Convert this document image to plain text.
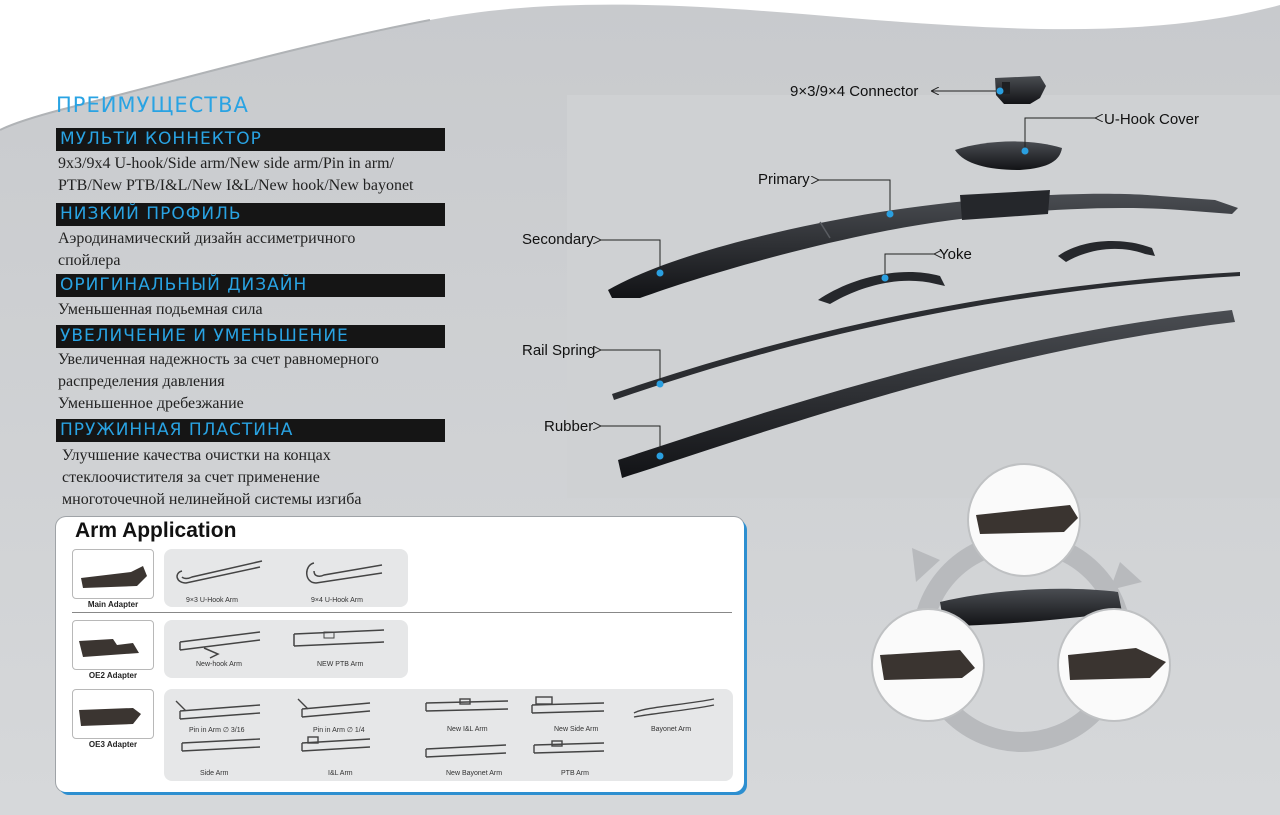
ПРЕИМУЩЕСТВА
МУЛЬТИ КОННЕКТОР
9x3/9x4 U-hook/Side arm/New side arm/Pin in arm/
PTB/New PTB/I&L/New I&L/New hook/New bayonet
НИЗКИЙ ПРОФИЛЬ
Аэродинамический дизайн ассиметричного
спойлера
ОРИГИНАЛЬНЫЙ ДИЗАЙН
Уменьшенная подьемная сила
УВЕЛИЧЕНИЕ И УМЕНЬШЕНИЕ
Увеличенная надежность за счет равномерного
распределения давления
Уменьшенное дребезжание
ПРУЖИННАЯ ПЛАСТИНА
Улучшение качества очистки на концах
стеклоочистителя за счет применение
многоточечной нелинейной системы изгиба
9×3/9×4 Connector
U-Hook Cover
Primary
Secondary
Yoke
Rail Spring
Rubber
Arm Application
Main Adapter	9×3 U-Hook Arm	9×4 U-Hook Arm
OE2 Adapter
New-hook Arm	NEW PTB Arm
OE3 Adapter
Pin in Arm ∅ 3/16	Pin in Arm ∅ 1/4	New I&L Arm	New Side Arm	Bayonet Arm
Side Arm	I&L Arm	New Bayonet Arm	PTB Arm
